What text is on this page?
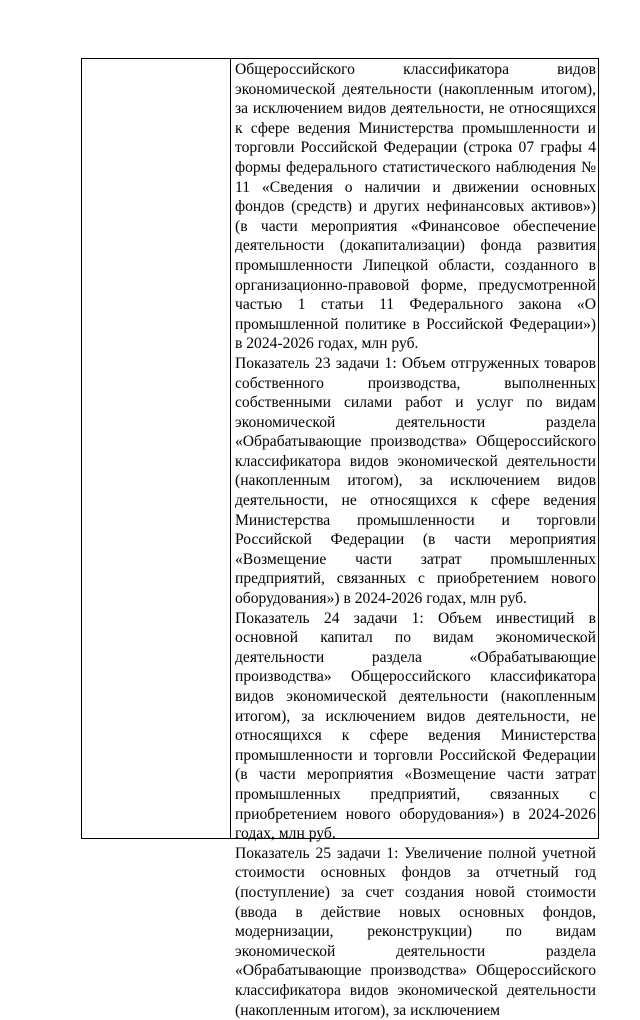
Общероссийского классификатора видов экономической деятельности (накопленным итогом), за исключением видов деятельности, не относящихся к сфере ведения Министерства промышленности и торговли Российской Федерации (строка 07 графы 4 формы федерального статистического наблюдения № 11 «Сведения о наличии и движении основных фондов (средств) и других нефинансовых активов») (в части мероприятия «Финансовое обеспечение деятельности (докапитализации) фонда развития промышленности Липецкой области, созданного в организационно-правовой форме, предусмотренной частью 1 статьи 11 Федерального закона «О промышленной политике в Российской Федерации») в 2024-2026 годах, млн руб.

Показатель 23 задачи 1: Объем отгруженных товаров собственного производства, выполненных собственными силами работ и услуг по видам экономической деятельности раздела «Обрабатывающие производства» Общероссийского классификатора видов экономической деятельности (накопленным итогом), за исключением видов деятельности, не относящихся к сфере ведения Министерства промышленности и торговли Российской Федерации (в части мероприятия «Возмещение части затрат промышленных предприятий, связанных с приобретением нового оборудования») в 2024-2026 годах, млн руб.

Показатель 24 задачи 1: Объем инвестиций в основной капитал по видам экономической деятельности раздела «Обрабатывающие производства» Общероссийского классификатора видов экономической деятельности (накопленным итогом), за исключением видов деятельности, не относящихся к сфере ведения Министерства промышленности и торговли Российской Федерации (в части мероприятия «Возмещение части затрат промышленных предприятий, связанных с приобретением нового оборудования») в 2024-2026 годах, млн руб.

Показатель 25 задачи 1: Увеличение полной учетной стоимости основных фондов за отчетный год (поступление) за счет создания новой стоимости (ввода в действие новых основных фондов, модернизации, реконструкции) по видам экономической деятельности раздела «Обрабатывающие производства» Общероссийского классификатора видов экономической деятельности (накопленным итогом), за исключением
